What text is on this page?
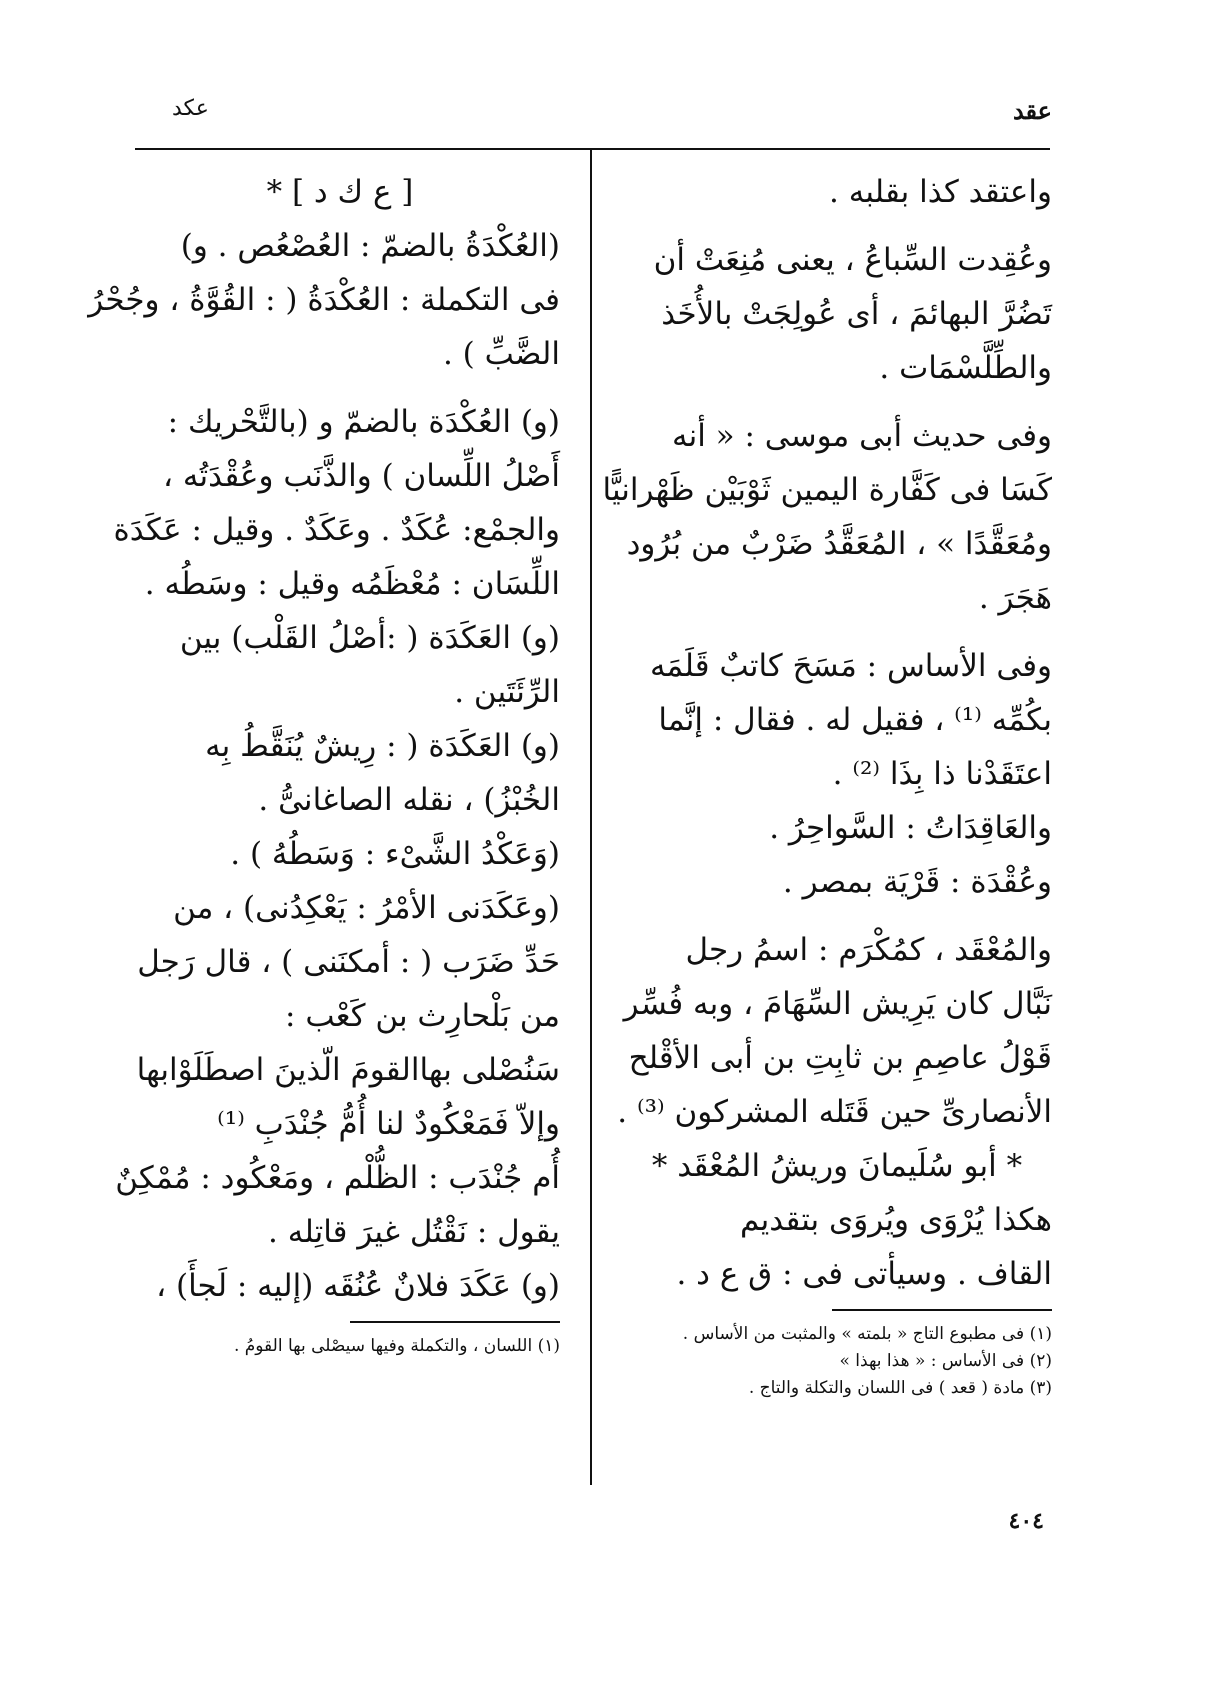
عكد	عقد
واعتقد كذا بقلبه .
وعُقِدت السِّباعُ ، يعنى مُنِعَتْ أن
تَضُرَّ البهائمَ ، أى عُولِجَتْ بالأُخَذ
والطِّلَّسْمَات .
وفى حديث أبى موسى : « أنه
كَسَا فى كَفَّارة اليمين ثَوْبَيْن ظَهْرانيًّا
ومُعَقَّدًا » ، المُعَقَّدُ ضَرْبٌ من بُرُود
هَجَرَ .
وفى الأساس : مَسَحَ كاتبٌ قَلَمَه
بكُمِّه ⁽¹⁾ ، فقيل له . فقال : إنَّما
اعتَقَدْنا ذا بِذَا ⁽²⁾ .
والعَاقِدَاتُ : السَّواحِرُ .
وعُقْدَة : قَرْيَة بمصر .
والمُعْقَد ، كمُكْرَم : اسمُ رجل
نَبَّال كان يَرِيش السِّهَامَ ، وبه فُسِّر
قَوْلُ عاصِمِ بن ثابِتِ بن أبى الأقْلح
الأنصارىِّ حين قَتَله المشركون ⁽³⁾ .
* أبو سُلَيمانَ وريشُ المُعْقَد *
هكذا يُرْوَى ويُروَى بتقديم
القاف . وسيأتى فى : ق ع د .
(١) فى مطبوع التاج « بلمته » والمثبت من الأساس .
(٢) فى الأساس : « هذا بهذا »
(٣) مادة ( قعد ) فى اللسان والتكلة والتاج .
[ ع ك د ] *
(العُكْدَةُ بالضمّ : العُصْعُص . و)
فى التكملة : العُكْدَةُ ( : القُوَّةُ ، وجُحْرُ
الضَّبِّ ) .
(و) العُكْدَة بالضمّ و (بالتَّحْريك :
أَصْلُ اللِّسان ) والذَّنَب وعُقْدَتُه ،
والجمْع: عُكَدٌ . وعَكَدٌ . وقيل : عَكَدَة
اللِّسَان : مُعْظَمُه وقيل : وسَطُه .
(و) العَكَدَة ( :أصْلُ القَلْب) بين
الرِّئَتَين .
(و) العَكَدَة ( : رِيشٌ يُنَقَّطُ بِه
الخُبْزُ) ، نقله الصاغانىُّ .
(وَعَكْدُ الشَّىْء : وَسَطُهُ ) .
(وعَكَدَنى الأمْرُ : يَعْكِدُنى) ، من
حَدِّ ضَرَب ( : أمكنَنى ) ، قال رَجل
من بَلْحارِث بن كَعْب :
سَنُصْلى بهاالقومَ الّذينَ اصطَلَوْابها
وإلاّ فَمَعْكُودٌ لنا أُمُّ جُنْدَبِ ⁽¹⁾
أُم جُنْدَب : الظُّلْم ، ومَعْكُود : مُمْكِنٌ
يقول : نَقْتُل غيرَ قاتِله .
(و) عَكَدَ فلانٌ عُنُقَه (إليه : لَجأَ) ،
(١) اللسان ، والتكملة وفيها سيصْلى بها القومُ .
٤٠٤
